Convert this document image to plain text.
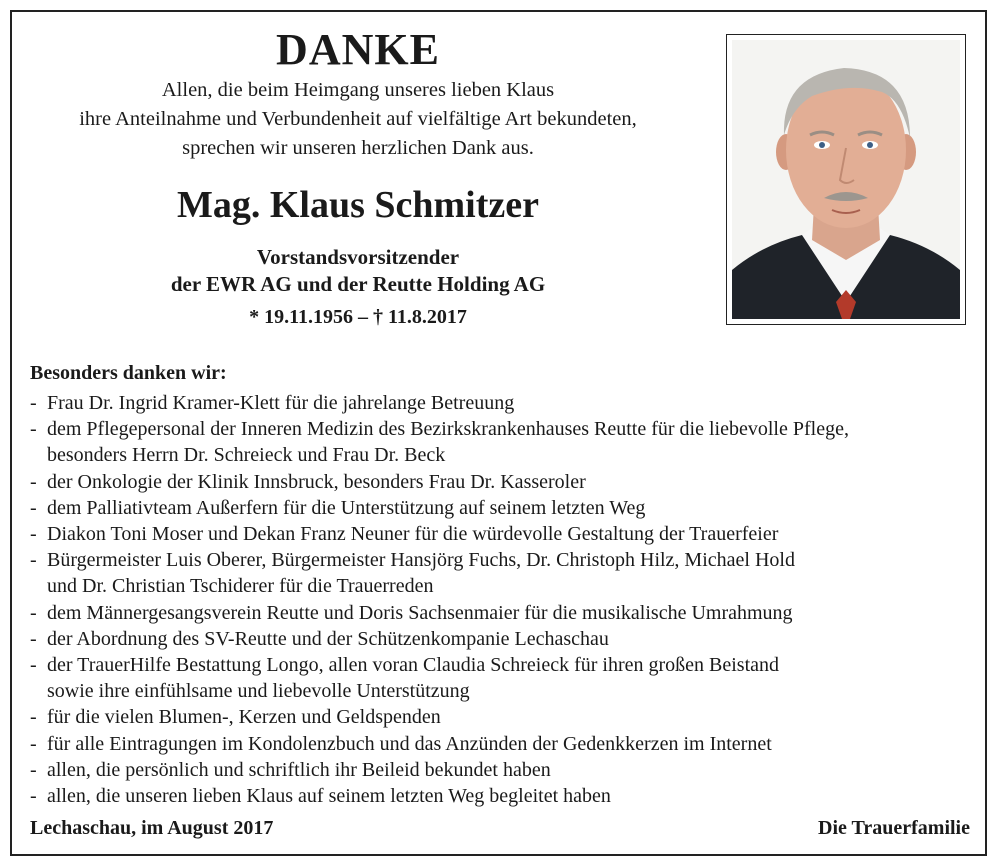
DANKE
Allen, die beim Heimgang unseres lieben Klaus
ihre Anteilnahme und Verbundenheit auf vielfältige Art bekundeten,
sprechen wir unseren herzlichen Dank aus.
Mag. Klaus Schmitzer
Vorstandsvorsitzender
der EWR AG und der Reutte Holding AG
* 19.11.1956 – † 11.8.2017
Besonders danken wir:
- Frau Dr. Ingrid Kramer-Klett für die jahrelange Betreuung
- dem Pflegepersonal der Inneren Medizin des Bezirkskrankenhauses Reutte für die liebevolle Pflege,
besonders Herrn Dr. Schreieck und Frau Dr. Beck
- der Onkologie der Klinik Innsbruck, besonders Frau Dr. Kasseroler
- dem Palliativteam Außerfern für die Unterstützung auf seinem letzten Weg
- Diakon Toni Moser und Dekan Franz Neuner für die würdevolle Gestaltung der Trauerfeier
- Bürgermeister Luis Oberer, Bürgermeister Hansjörg Fuchs, Dr. Christoph Hilz, Michael Hold
und Dr. Christian Tschiderer für die Trauerreden
- dem Männergesangsverein Reutte und Doris Sachsenmaier für die musikalische Umrahmung
- der Abordnung des SV-Reutte und der Schützenkompanie Lechaschau
- der TrauerHilfe Bestattung Longo, allen voran Claudia Schreieck für ihren großen Beistand
sowie ihre einfühlsame und liebevolle Unterstützung
- für die vielen Blumen-, Kerzen und Geldspenden
- für alle Eintragungen im Kondolenzbuch und das Anzünden der Gedenkkerzen im Internet
- allen, die persönlich und schriftlich ihr Beileid bekundet haben
- allen, die unseren lieben Klaus auf seinem letzten Weg begleitet haben
Lechaschau, im August 2017	Die Trauerfamilie
